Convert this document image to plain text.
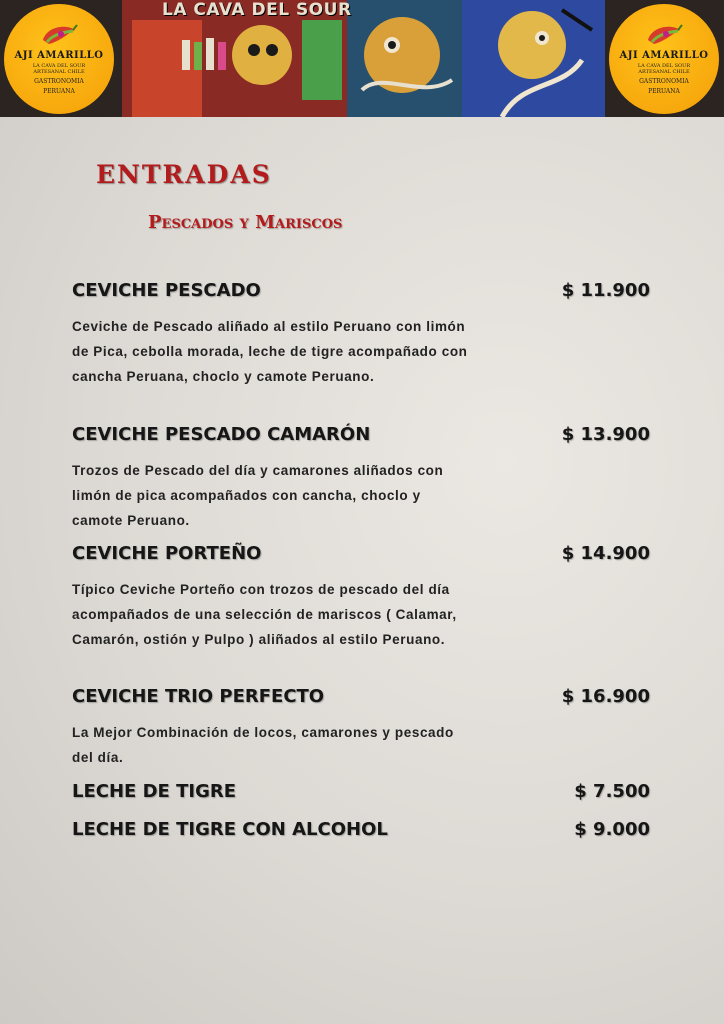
AJI AMARILLO
LA CAVA DEL SOUR ARTESANAL CHILE
GASTRONOMIA
PERUANA
LA CAVA DEL SOUR
AJI AMARILLO
LA CAVA DEL SOUR ARTESANAL CHILE
GASTRONOMIA
PERUANA
ENTRADAS
Pescados y Mariscos
CEVICHE PESCADO	$ 11.900

Ceviche de Pescado aliñado al estilo Peruano con limón de Pica, cebolla morada, leche de tigre acompañado con cancha Peruana, choclo y camote Peruano.

CEVICHE PESCADO CAMARÓN	$ 13.900

Trozos de Pescado del día y camarones aliñados con limón de pica acompañados con cancha, choclo y camote Peruano.

CEVICHE PORTEÑO	$ 14.900

Típico Ceviche Porteño con trozos de pescado del día acompañados de una selección de mariscos ( Calamar, Camarón, ostión y Pulpo ) aliñados al estilo Peruano.

CEVICHE TRIO PERFECTO	$ 16.900

La Mejor Combinación de locos, camarones y pescado del día.

LECHE DE TIGRE	$ 7.500
LECHE DE TIGRE CON ALCOHOL	$ 9.000
